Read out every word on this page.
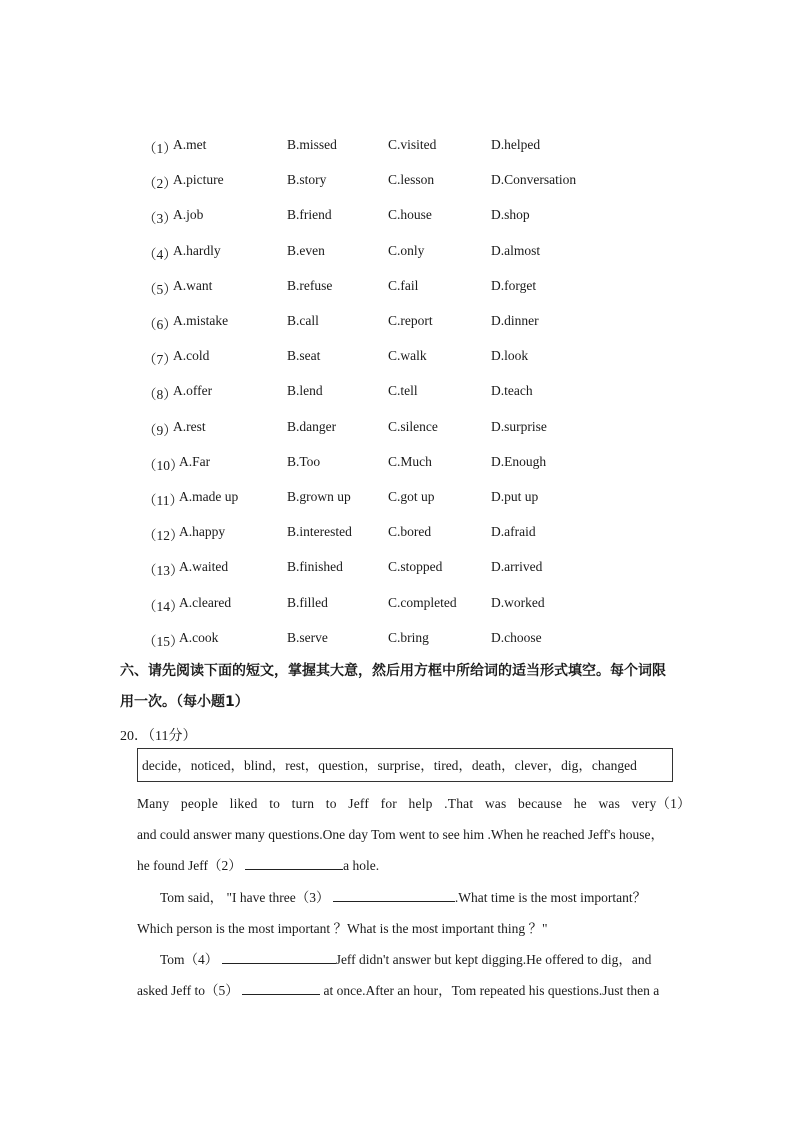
（1）
A.met	B.missed	C.visited	D.helped
（2）
A.picture	B.story	C.lesson	D.Conversation
（3）
A.job	B.friend	C.house	D.shop
（4）
A.hardly	B.even	C.only	D.almost
（5）
A.want	B.refuse	C.fail	D.forget
（6）
A.mistake	B.call	C.report	D.dinner
（7）
A.cold	B.seat	C.walk	D.look
（8）
A.offer	B.lend	C.tell	D.teach
（9）
A.rest	B.danger	C.silence	D.surprise
（10）
A.Far	B.Too	C.Much	D.Enough
（11）
A.made up	B.grown up	C.got up	D.put up
（12）
A.happy	B.interested	C.bored	D.afraid
（13）
A.waited	B.finished	C.stopped	D.arrived
（14）
A.cleared	B.filled	C.completed	D.worked
（15）
A.cook	B.serve	C.bring	D.choose
六、请先阅读下面的短文，掌握其大意，然后用方框中所给词的适当形式填空。每个词限
用一次。（每小题1）
20．（11分）
decide，noticed，blind，rest，question，surprise，tired，death，clever，dig，changed
Many people liked to turn to Jeff for help .That was because he was very（1）
and could answer many questions.One day Tom went to see him .When he reached Jeff's house，
he found Jeff（2）	a hole.
Tom said， "I have three（3）	.What time is the most important？
Which person is the most important ？What is the most important thing ？"
Tom（4）	Jeff didn't answer but kept digging.He offered to dig，and
asked Jeff to（5）	at once.After an hour，Tom repeated his questions.Just then a
